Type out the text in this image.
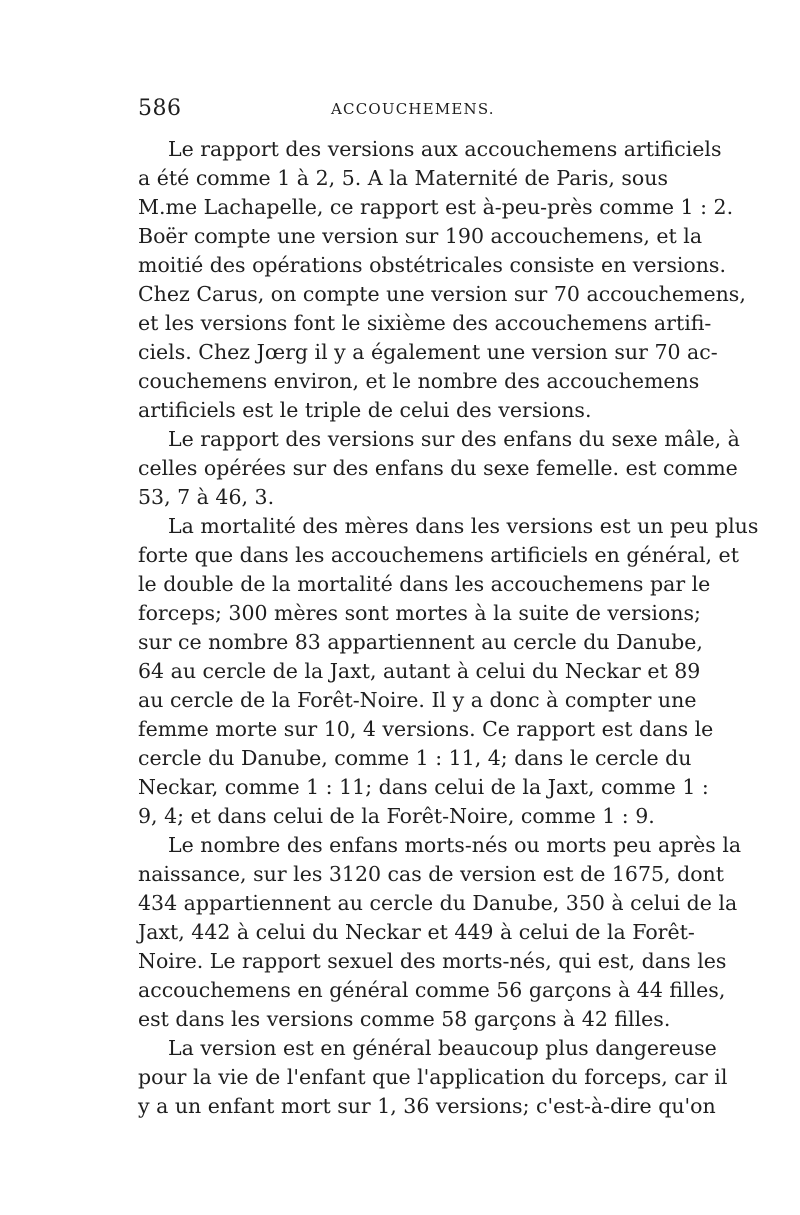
586	ACCOUCHEMENS.
Le rapport des versions aux accouchemens artificiels
a été comme 1 à 2, 5. A la Maternité de Paris, sous
M.me Lachapelle, ce rapport est à-peu-près comme 1 : 2.
Boër compte une version sur 190 accouchemens, et la
moitié des opérations obstétricales consiste en versions.
Chez Carus, on compte une version sur 70 accouchemens,
et les versions font le sixième des accouchemens artifi-
ciels. Chez Jœrg il y a également une version sur 70 ac-
couchemens environ, et le nombre des accouchemens
artificiels est le triple de celui des versions.
Le rapport des versions sur des enfans du sexe mâle, à
celles opérées sur des enfans du sexe femelle. est comme
53, 7 à 46, 3.
La mortalité des mères dans les versions est un peu plus
forte que dans les accouchemens artificiels en général, et
le double de la mortalité dans les accouchemens par le
forceps; 300 mères sont mortes à la suite de versions;
sur ce nombre 83 appartiennent au cercle du Danube,
64 au cercle de la Jaxt, autant à celui du Neckar et 89
au cercle de la Forêt-Noire. Il y a donc à compter une
femme morte sur 10, 4 versions. Ce rapport est dans le
cercle du Danube, comme 1 : 11, 4; dans le cercle du
Neckar, comme 1 : 11; dans celui de la Jaxt, comme 1 :
9, 4; et dans celui de la Forêt-Noire, comme 1 : 9.
Le nombre des enfans morts-nés ou morts peu après la
naissance, sur les 3120 cas de version est de 1675, dont
434 appartiennent au cercle du Danube, 350 à celui de la
Jaxt, 442 à celui du Neckar et 449 à celui de la Forêt-
Noire. Le rapport sexuel des morts-nés, qui est, dans les
accouchemens en général comme 56 garçons à 44 filles,
est dans les versions comme 58 garçons à 42 filles.
La version est en général beaucoup plus dangereuse
pour la vie de l'enfant que l'application du forceps, car il
y a un enfant mort sur 1, 36 versions; c'est-à-dire qu'on
